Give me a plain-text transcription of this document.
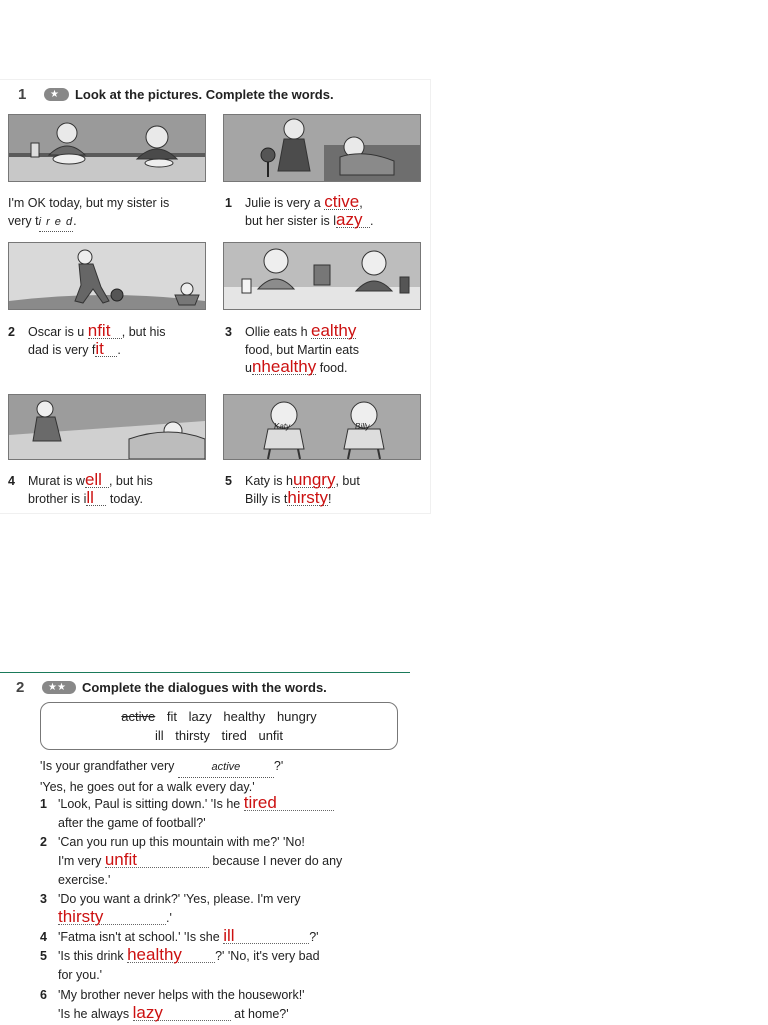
1	★	Look at the pictures. Complete the words.
I'm OK today, but my sister is
very ti r e d.
1 Julie is very a ctive,
but her sister is lazy .
2 Oscar is u nfit , but his
dad is very fit .
3 Ollie eats h ealthy
food, but Martin eats
unhealthy food.
Katy	Billy
4 Murat is well , but his
brother is ill today.
5 Katy is hungry, but
Billy is thirsty!
2	★★	Complete the dialogues with the words.
active fit lazy healthy hungry
ill thirsty tired unfit
'Is your grandfather very	active	?'
'Yes, he goes out for a walk every day.'
1 'Look, Paul is sitting down.' 'Is he tired
after the game of football?'
2 'Can you run up this mountain with me?' 'No!
I'm very unfit	because I never do any
exercise.'
3 'Do you want a drink?' 'Yes, please. I'm very
thirsty	.'
4 'Fatma isn't at school.' 'Is she ill	?'
5 'Is this drink healthy	?' 'No, it's very bad
for you.'
6 'My brother never helps with the housework!'
'Is he always lazy	at home?'
